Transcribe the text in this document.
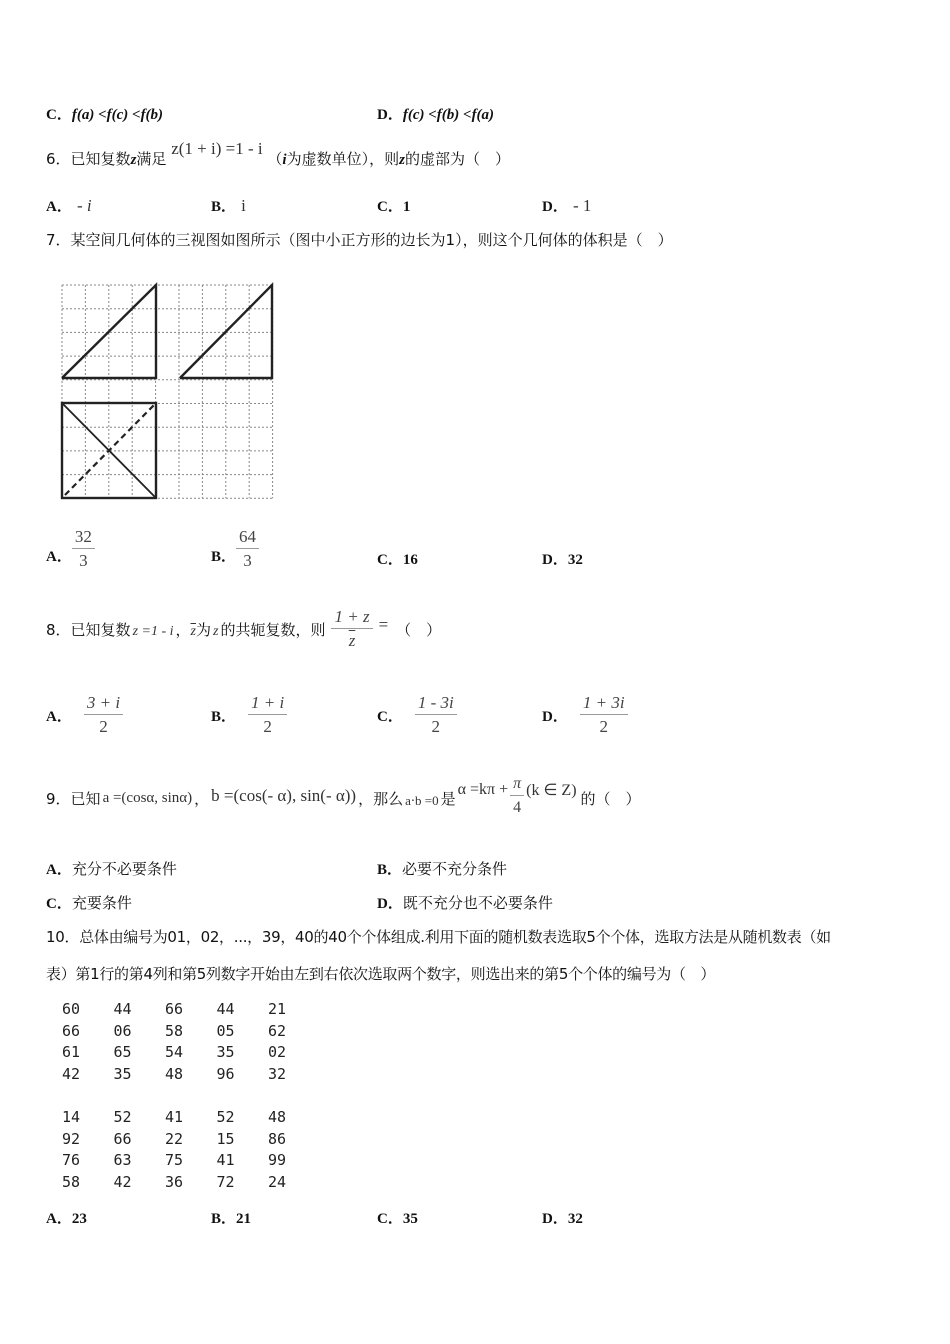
C．f(a) <f(c) <f(b)	D．f(c) <f(b) <f(a)
6．已知复数z满足 z(1 + i) =1 - i （i为虚数单位），则z的虚部为（　）
A． - i	B． i	C．1	D． - 1
7．某空间几何体的三视图如图所示（图中小正方形的边长为1），则这个几何体的体积是（　）
A． $\frac{32}{3}$	B． $\frac{64}{3}$	C．16	D．32
8． 已知复数 z =1 - i ， $\overline{z}$ 为 z 的共轭复数，则 $\frac{1 + z}{z}$ = （　）
A． $\frac{3 + i}{2}$	B． $\frac{1 + i}{2}$	C． $\frac{1 - 3i}{2}$	D． $\frac{1 + 3i}{2}$
9． 已知 a =(cosα, sinα) ， b =(cos(- α), sin(- α)) ，那么 a⋅b =0 是 $\alpha =k\pi + \frac{\pi}{4} (k$ ∈ Z) 的（　）
A．充分不必要条件	B．必要不充分条件
C．充要条件	D．既不充分也不必要条件
10．总体由编号为01，02，...，39，40的40个个体组成.利用下面的随机数表选取5个个体，选取方法是从随机数表（如
表）第1行的第4列和第5列数字开始由左到右依次选取两个数字，则选出来的第5个个体的编号为（　）
60 44 66 44 21
66 06 58 05 62
61 65 54 35 02
42 35 48 96 32
14 52 41 52 48
92 66 22 15 86
76 63 75 41 99
58 42 36 72 24
A．23	B．21	C．35	D．32
